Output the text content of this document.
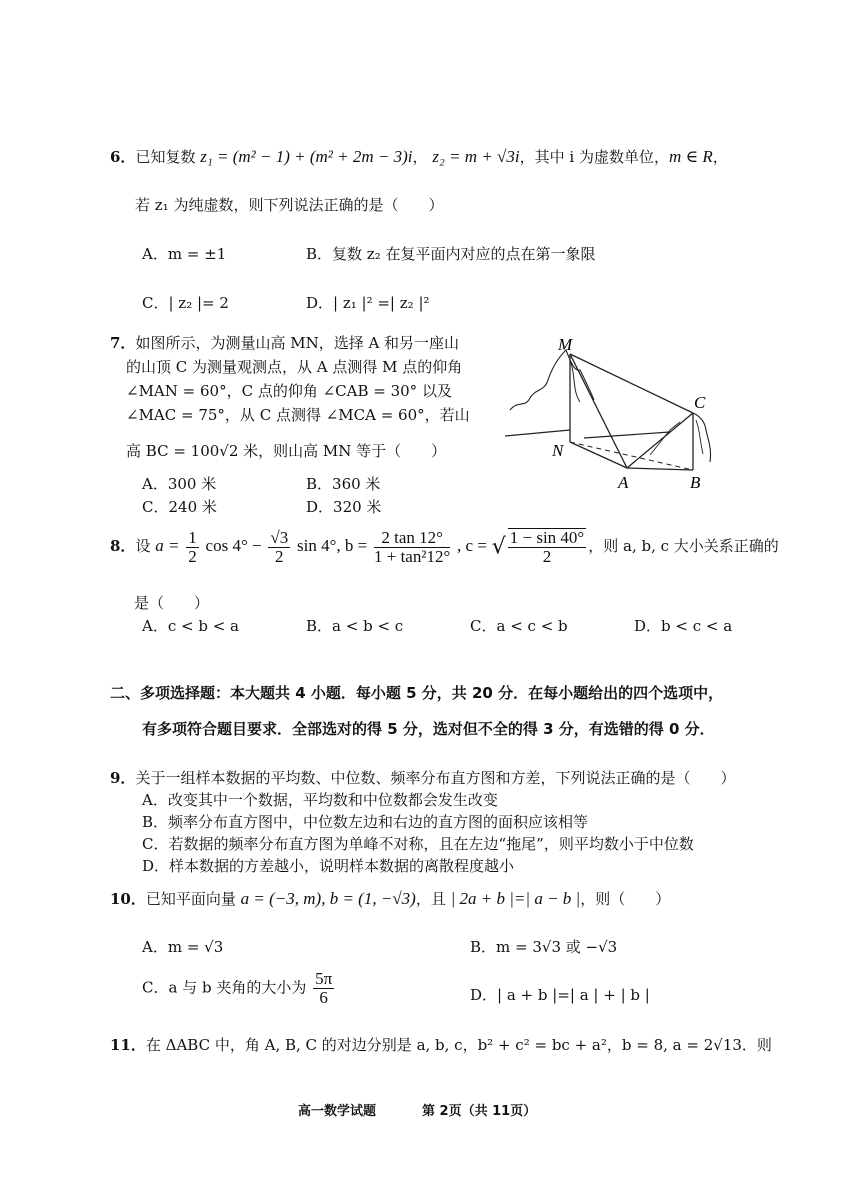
6．已知复数 z₁ = (m² − 1) + (m² + 2m − 3)i， z₂ = m + √3i，其中 i 为虚数单位，m ∈ R，
若 z₁ 为纯虚数，则下列说法正确的是（　　）
A．m = ±1	B．复数 z₂ 在复平面内对应的点在第一象限
C．| z₂ |= 2	D．| z₁ |² =| z₂ |²
7．如图所示，为测量山高 MN，选择 A 和另一座山
的山顶 C 为测量观测点，从 A 点测得 M 点的仰角
∠MAN = 60°，C 点的仰角 ∠CAB = 30° 以及
∠MAC = 75°，从 C 点测得 ∠MCA = 60°，若山
高 BC = 100√2 米，则山高 MN 等于（　　）
A．300 米	B．360 米
C．240 米	D．320 米
M
C
N
A	B
8．设 $a = \frac{1}{2}$ $\cos 4^\circ - \frac{√3}{2}$ sin 4°, $b = \frac{2 \tan 12^\circ}{\text{1 + tan²12°}}$ , c = √ $\frac{1 - \sin 40^\circ}{2}$ ，则 a, b, c 大小关系正确的
是（　　）
A．c < b < a	B．a < b < c	C．a < c < b	D．b < c < a
二、多项选择题：本大题共 4 小题．每小题 5 分，共 20 分．在每小题给出的四个选项中，
有多项符合题目要求．全部选对的得 5 分，选对但不全的得 3 分，有选错的得 0 分．
9．关于一组样本数据的平均数、中位数、频率分布直方图和方差，下列说法正确的是（　　）
A．改变其中一个数据，平均数和中位数都会发生改变
B．频率分布直方图中，中位数左边和右边的直方图的面积应该相等
C．若数据的频率分布直方图为单峰不对称，且在左边“拖尾”，则平均数小于中位数
D．样本数据的方差越小，说明样本数据的离散程度越小
10．已知平面向量 a = (−3, m), b = (1, −√3)，且 | 2a + b |=| a − b |，则（　　）
A．m = √3	B．m = 3√3 或 −√3
C．a 与 b 夹角的大小为 $\frac{5\pi}{6}$	D．| a + b |=| a | + | b |
11．在 ΔABC 中，角 A, B, C 的对边分别是 a, b, c，b² + c² = bc + a²，b = 8, a = 2√13．则
高一数学试题	第 2页（共 11页）
